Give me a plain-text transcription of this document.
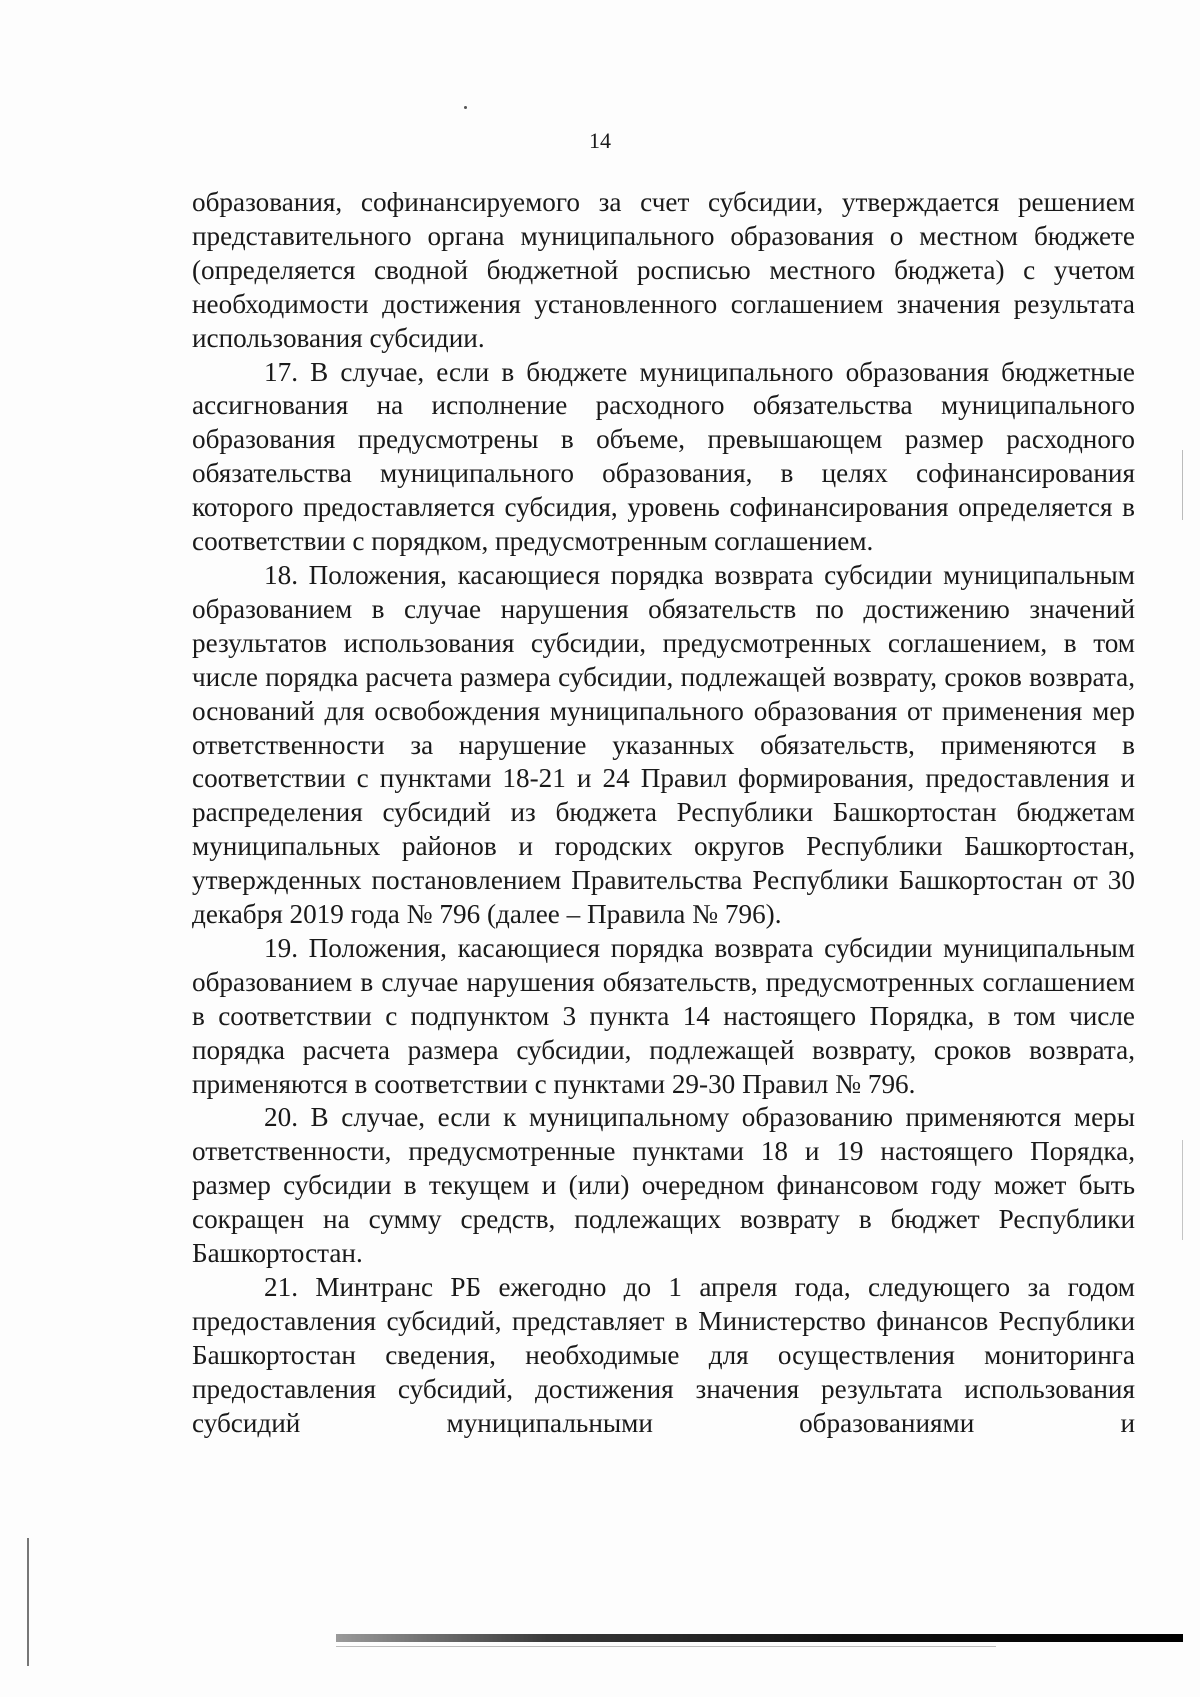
14

образования, софинансируемого за счет субсидии, утверждается решением представительного органа муниципального образования о местном бюджете (определяется сводной бюджетной росписью местного бюджета) с учетом необходимости достижения установленного соглашением значения результата использования субсидии.

17. В случае, если в бюджете муниципального образования бюджетные ассигнования на исполнение расходного обязательства муниципального образования предусмотрены в объеме, превышающем размер расходного обязательства муниципального образования, в целях софинансирования которого предоставляется субсидия, уровень софинансирования определяется в соответствии с порядком, предусмотренным соглашением.

18. Положения, касающиеся порядка возврата субсидии муниципальным образованием в случае нарушения обязательств по достижению значений результатов использования субсидии, предусмотренных соглашением, в том числе порядка расчета размера субсидии, подлежащей возврату, сроков возврата, оснований для освобождения муниципального образования от применения мер ответственности за нарушение указанных обязательств, применяются в соответствии с пунктами 18-21 и 24 Правил формирования, предоставления и распределения субсидий из бюджета Республики Башкортостан бюджетам муниципальных районов и городских округов Республики Башкортостан, утвержденных постановлением Правительства Республики Башкортостан от 30 декабря 2019 года № 796 (далее – Правила № 796).

19. Положения, касающиеся порядка возврата субсидии муниципальным образованием в случае нарушения обязательств, предусмотренных соглашением в соответствии с подпунктом 3 пункта 14 настоящего Порядка, в том числе порядка расчета размера субсидии, подлежащей возврату, сроков возврата, применяются в соответствии с пунктами 29-30 Правил № 796.

20. В случае, если к муниципальному образованию применяются меры ответственности, предусмотренные пунктами 18 и 19 настоящего Порядка, размер субсидии в текущем и (или) очередном финансовом году может быть сокращен на сумму средств, подлежащих возврату в бюджет Республики Башкортостан.

21. Минтранс РБ ежегодно до 1 апреля года, следующего за годом предоставления субсидий, представляет в Министерство финансов Республики Башкортостан сведения, необходимые для осуществления мониторинга предоставления субсидий, достижения значения результата использования субсидий муниципальными образованиями и
